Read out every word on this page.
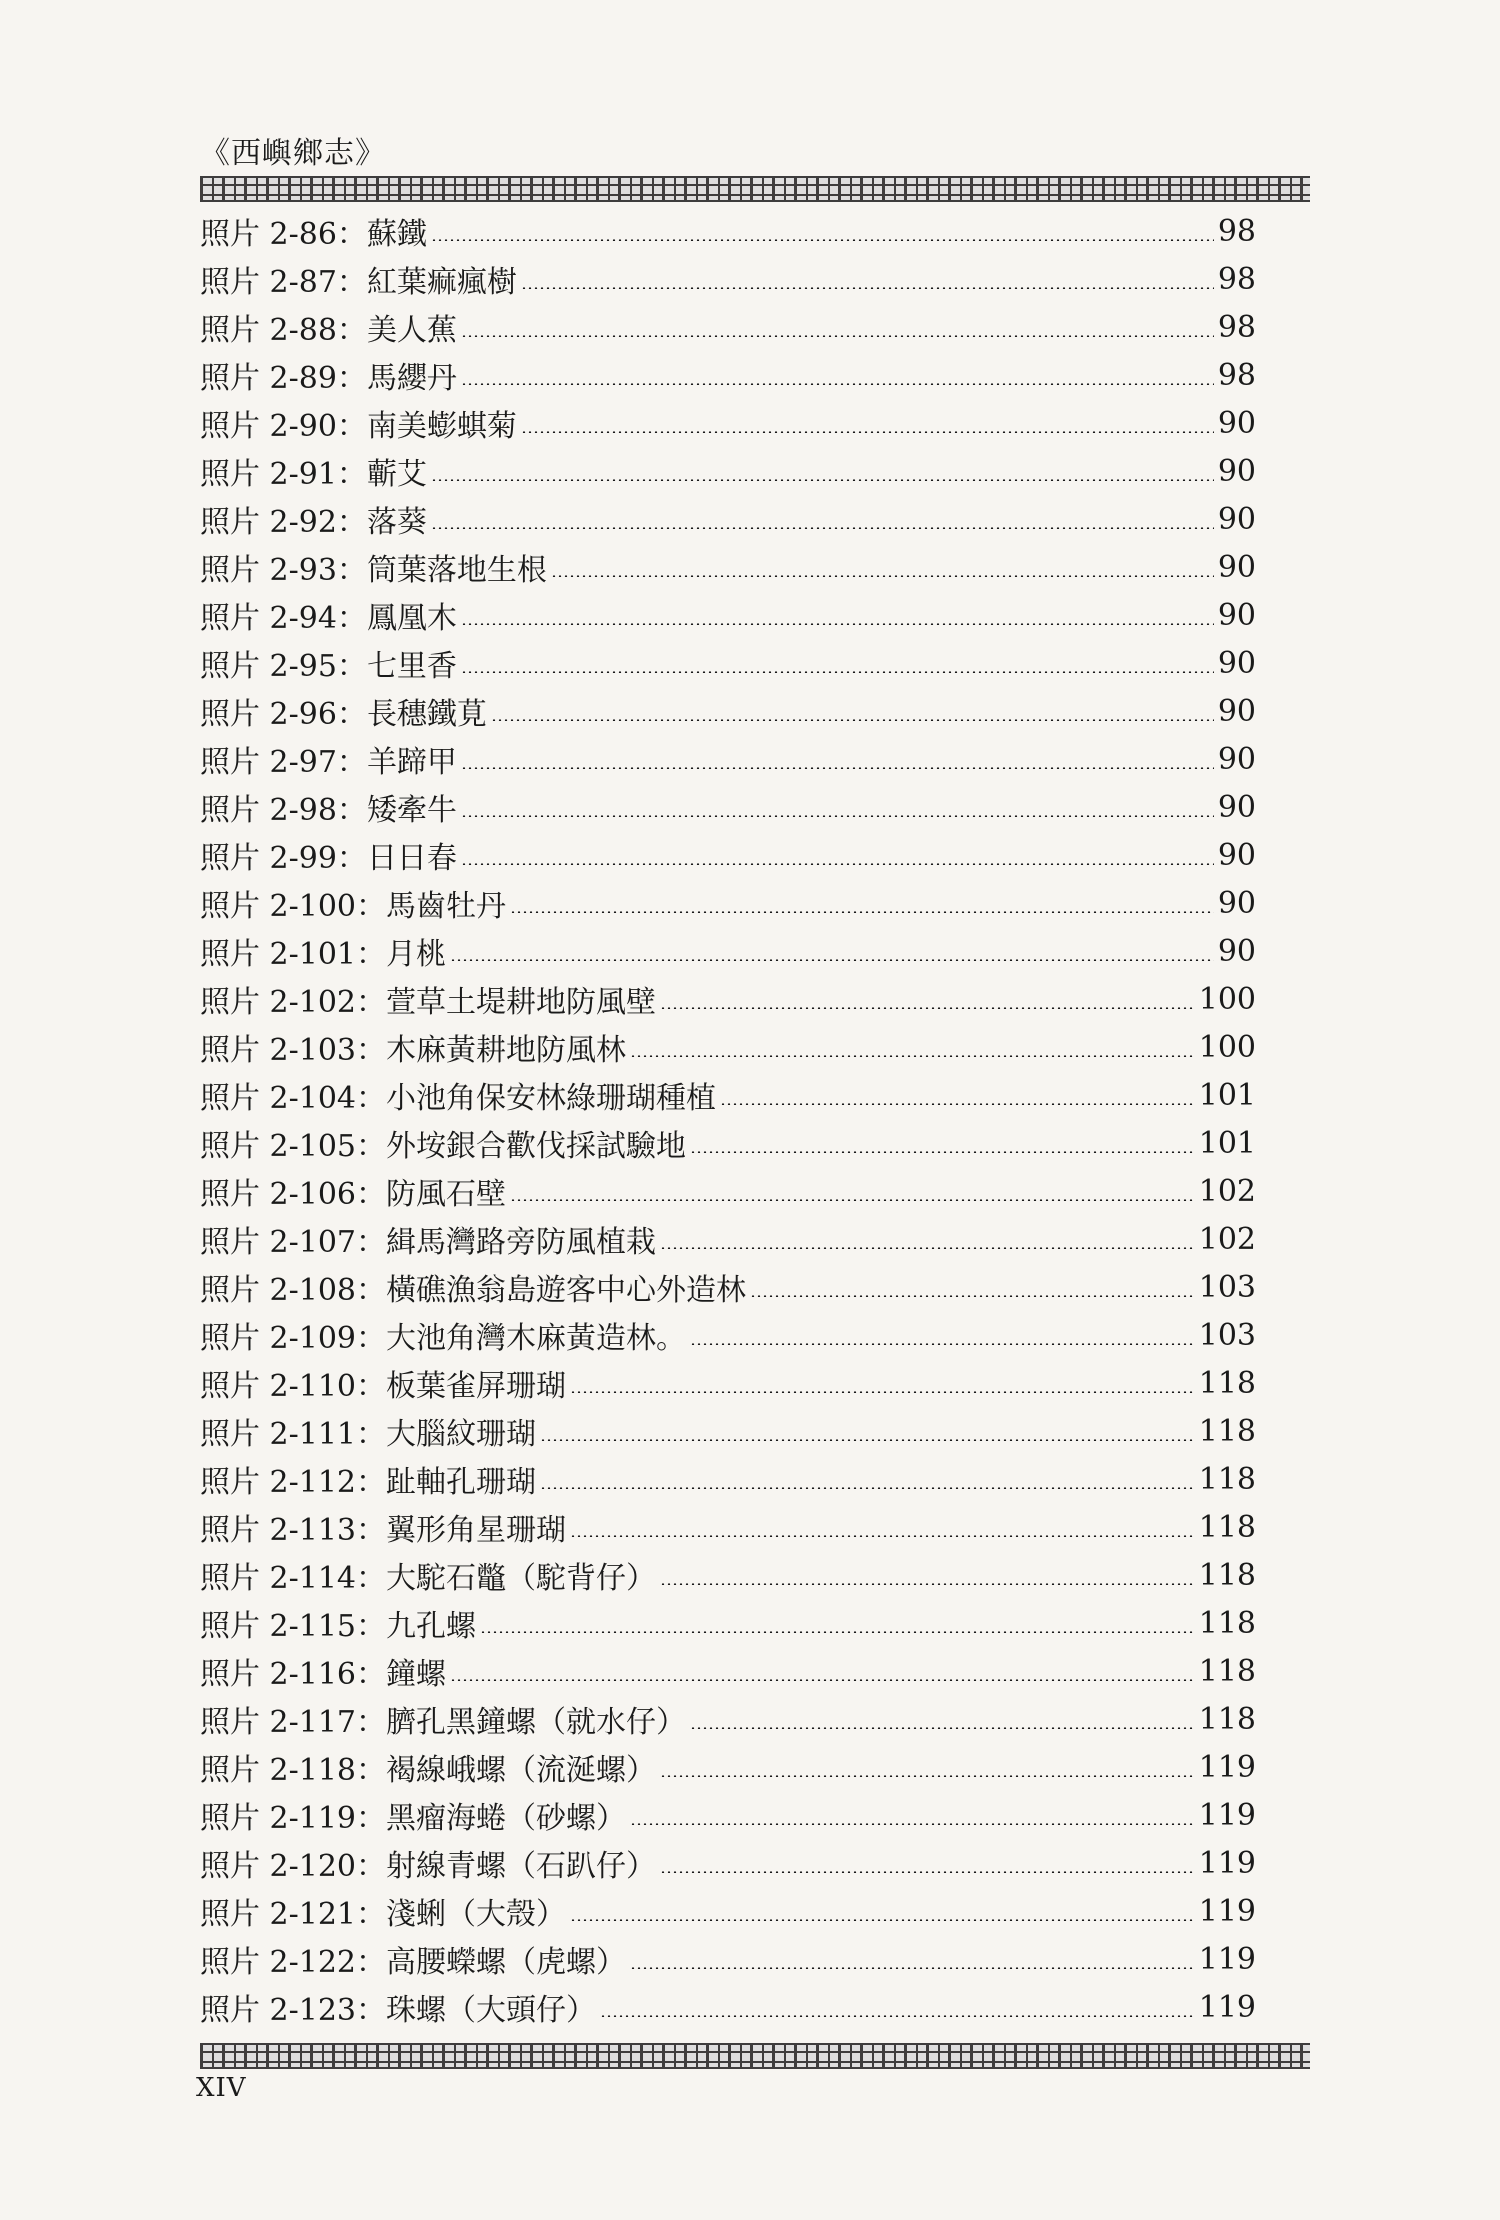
《西嶼鄉志》
照片 2-86： 蘇鐵	98
照片 2-87： 紅葉痲瘋樹	98
照片 2-88： 美人蕉	98
照片 2-89： 馬纓丹	98
照片 2-90： 南美蟛蜞菊	90
照片 2-91： 蘄艾	90
照片 2-92： 落葵	90
照片 2-93： 筒葉落地生根	90
照片 2-94： 鳳凰木	90
照片 2-95： 七里香	90
照片 2-96： 長穗鐵莧	90
照片 2-97： 羊蹄甲	90
照片 2-98： 矮牽牛	90
照片 2-99： 日日春	90
照片 2-100： 馬齒牡丹	90
照片 2-101： 月桃	90
照片 2-102： 萱草土堤耕地防風壁	100
照片 2-103： 木麻黃耕地防風林	100
照片 2-104： 小池角保安林綠珊瑚種植	101
照片 2-105： 外垵銀合歡伐採試驗地	101
照片 2-106： 防風石壁	102
照片 2-107： 緝馬灣路旁防風植栽	102
照片 2-108： 橫礁漁翁島遊客中心外造林	103
照片 2-109： 大池角灣木麻黃造林。	103
照片 2-110： 板葉雀屏珊瑚	118
照片 2-111： 大腦紋珊瑚	118
照片 2-112： 趾軸孔珊瑚	118
照片 2-113： 翼形角星珊瑚	118
照片 2-114： 大駝石鼈（駝背仔）	118
照片 2-115： 九孔螺	118
照片 2-116： 鐘螺	118
照片 2-117： 臍孔黑鐘螺（就水仔）	118
照片 2-118： 褐線峨螺（流涎螺）	119
照片 2-119： 黑瘤海蜷（砂螺）	119
照片 2-120： 射線青螺（石趴仔）	119
照片 2-121： 淺蜊（大殼）	119
照片 2-122： 高腰蠑螺（虎螺）	119
照片 2-123： 珠螺（大頭仔）	119
XIV
